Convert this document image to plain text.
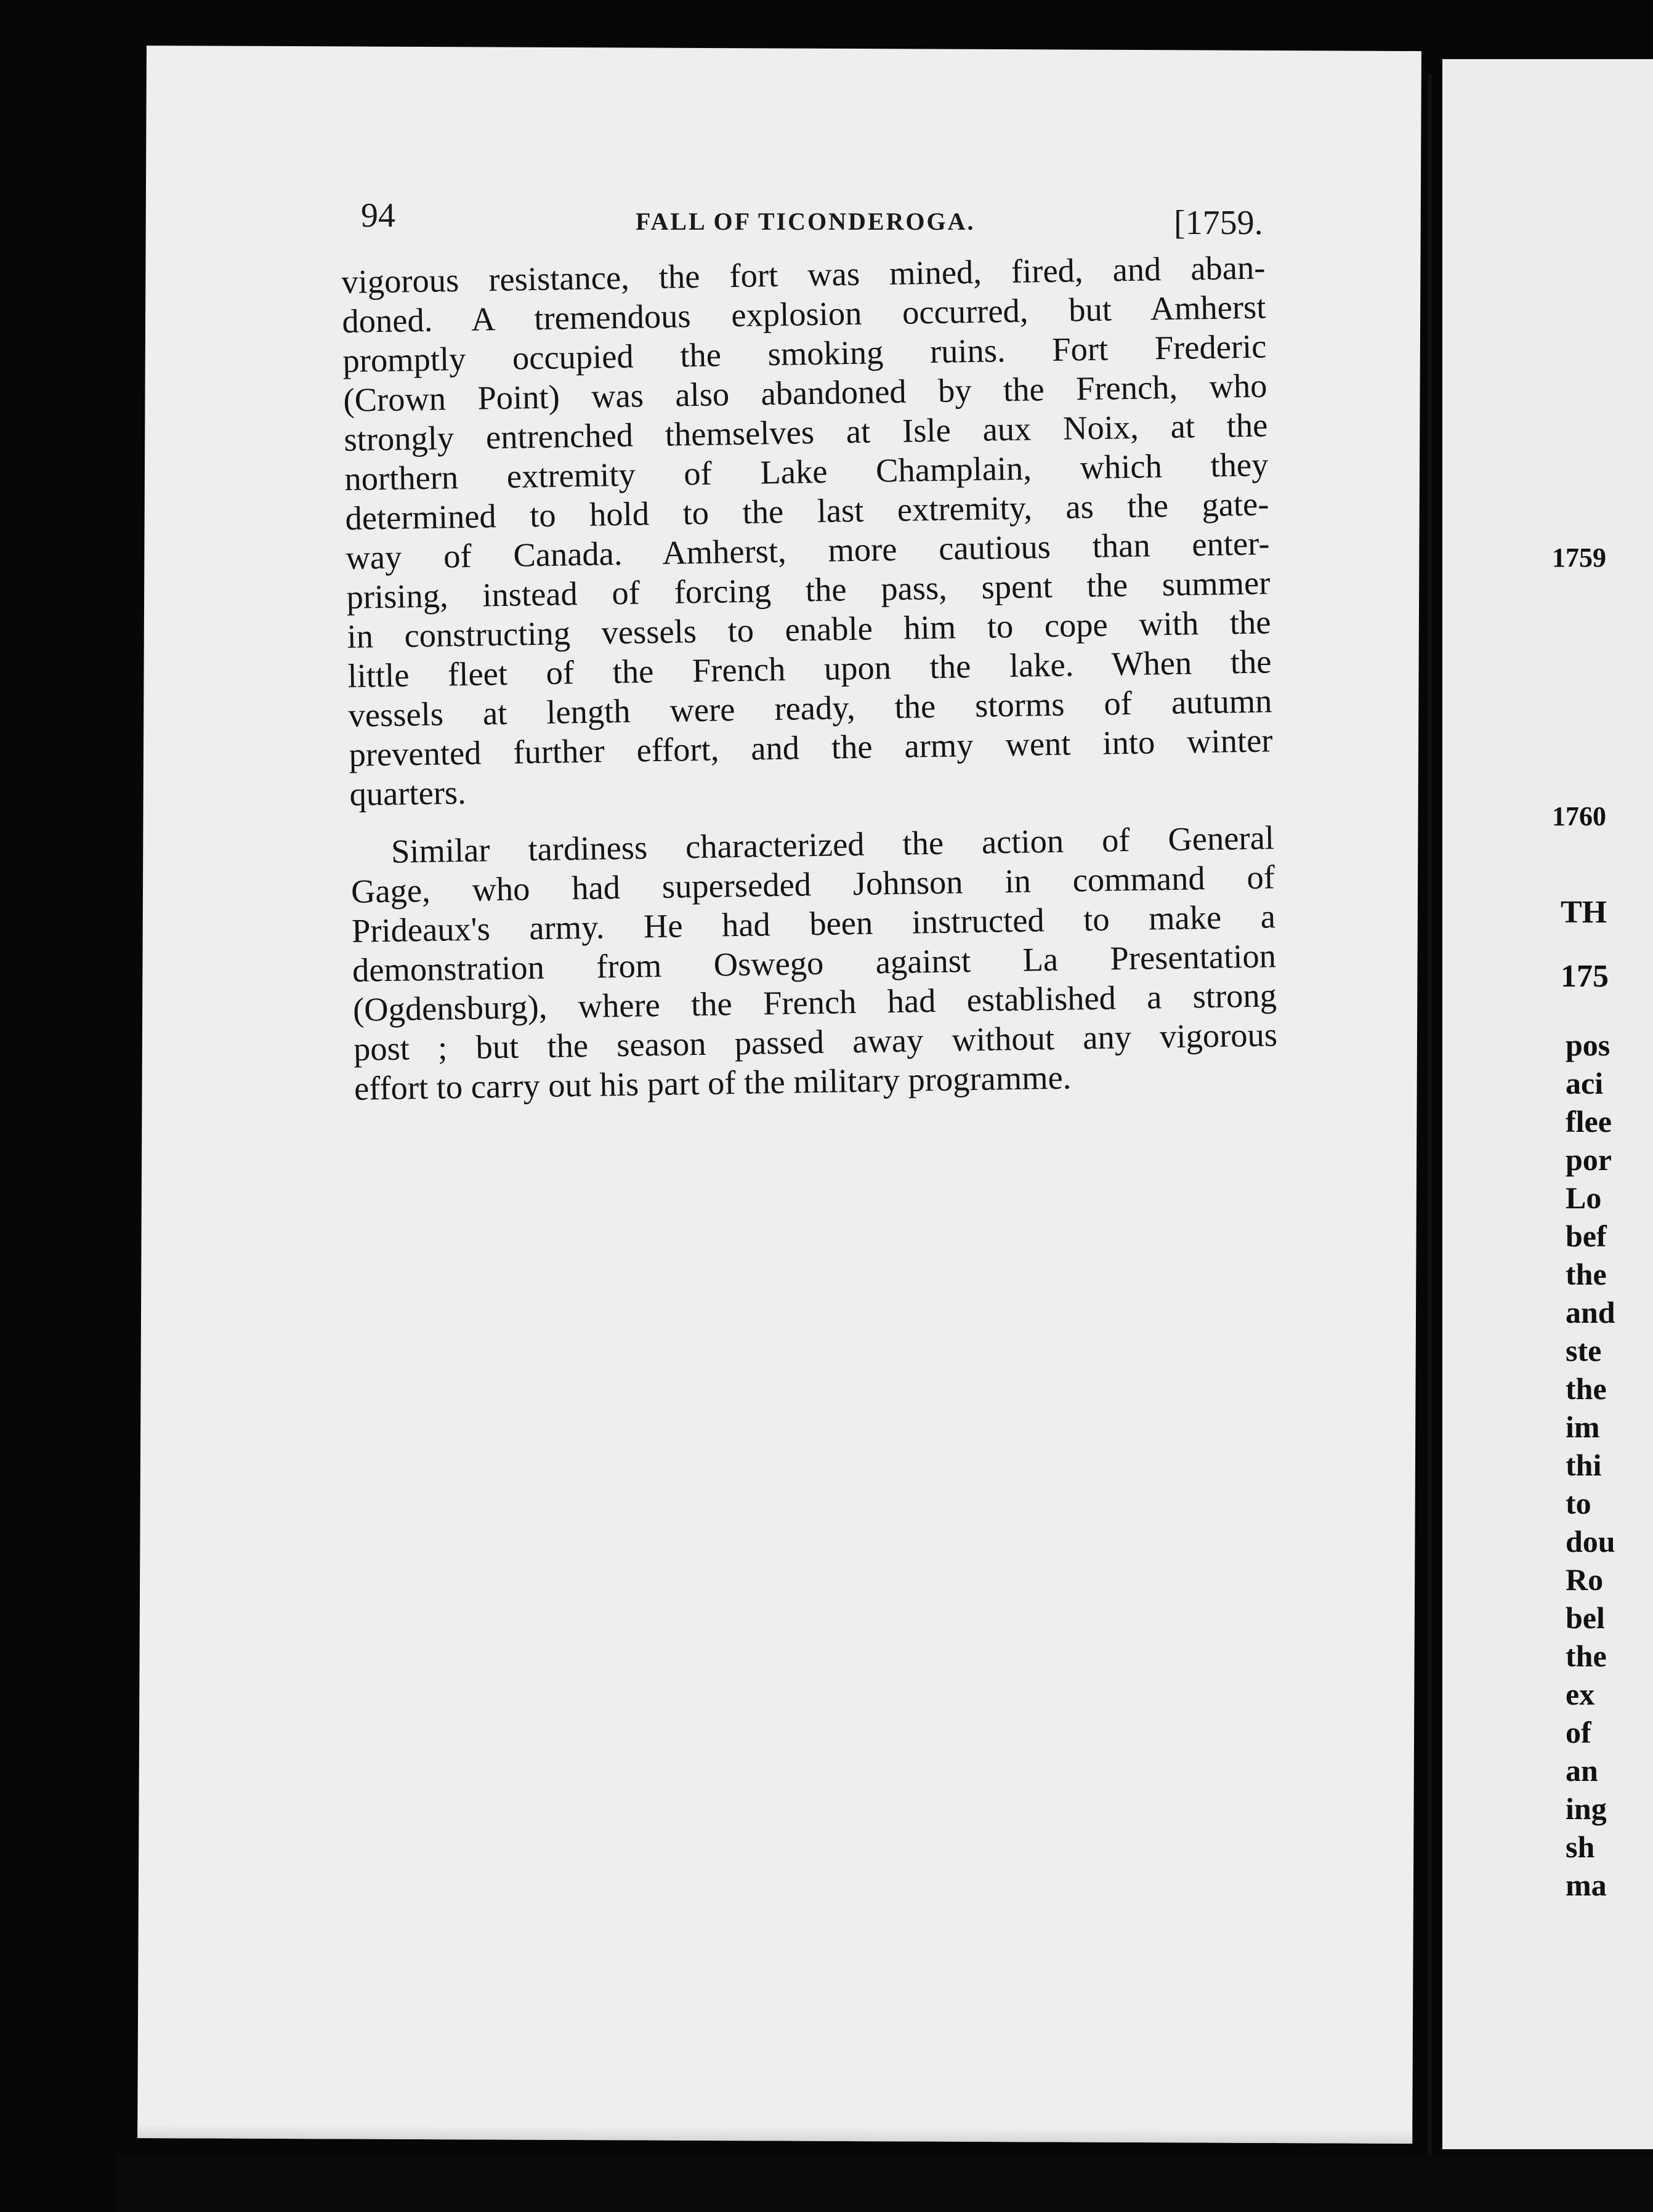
94	FALL OF TICONDEROGA.	[1759.
vigorous resistance, the fort was mined, fired, and aban-
doned. A tremendous explosion occurred, but Amherst
promptly occupied the smoking ruins. Fort Frederic
(Crown Point) was also abandoned by the French, who
strongly entrenched themselves at Isle aux Noix, at the
northern extremity of Lake Champlain, which they
determined to hold to the last extremity, as the gate-
way of Canada. Amherst, more cautious than enter-
prising, instead of forcing the pass, spent the summer
in constructing vessels to enable him to cope with the
little fleet of the French upon the lake. When the
vessels at length were ready, the storms of autumn
prevented further effort, and the army went into winter
quarters.
Similar tardiness characterized the action of General
Gage, who had superseded Johnson in command of
Prideaux's army. He had been instructed to make a
demonstration from Oswego against La Presentation
(Ogdensburg), where the French had established a strong
post ; but the season passed away without any vigorous
effort to carry out his part of the military programme.
1759
1760
TH
175
pos
aci
flee
por
Lo
bef
the
and
ste
the
im
thi
to
dou
Ro
bel
the
ex
of
an
ing
sh
ma
